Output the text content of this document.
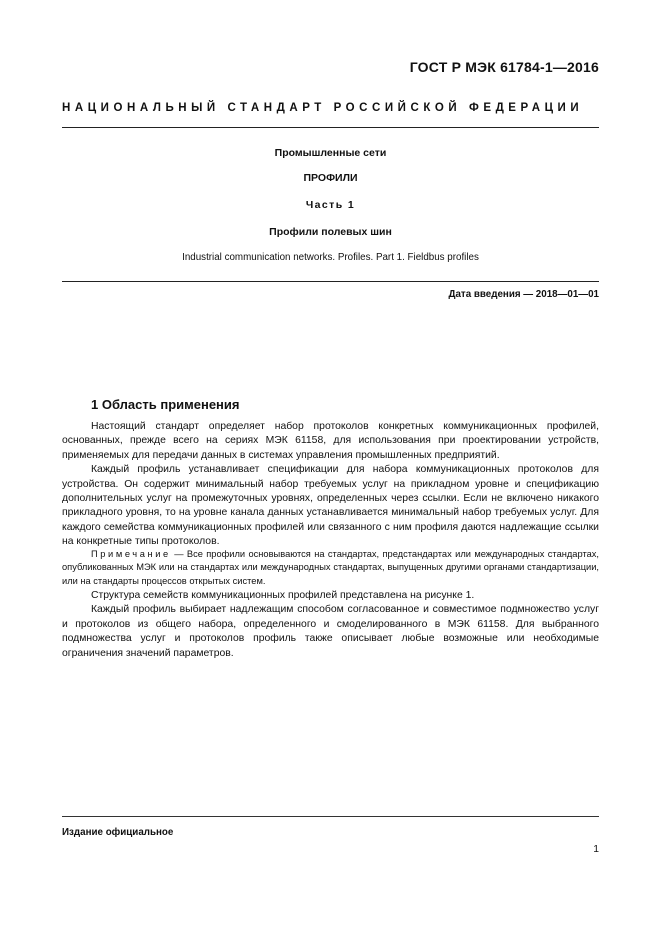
ГОСТ Р МЭК 61784-1—2016
НАЦИОНАЛЬНЫЙ СТАНДАРТ РОССИЙСКОЙ ФЕДЕРАЦИИ
Промышленные сети
ПРОФИЛИ
Часть 1
Профили полевых шин
Industrial communication networks. Profiles. Part 1. Fieldbus profiles
Дата введения — 2018—01—01
1 Область применения

Настоящий стандарт определяет набор протоколов конкретных коммуникационных профилей, основанных, прежде всего на сериях МЭК 61158, для использования при проектировании устройств, применяемых для передачи данных в системах управления промышленных предприятий.

Каждый профиль устанавливает спецификации для набора коммуникационных протоколов для устройства. Он содержит минимальный набор требуемых услуг на прикладном уровне и спецификацию дополнительных услуг на промежуточных уровнях, определенных через ссылки. Если не включено никакого прикладного уровня, то на уровне канала данных устанавливается минимальный набор требуемых услуг. Для каждого семейства коммуникационных профилей или связанного с ним профиля даются надлежащие ссылки на конкретные типы протоколов.

Примечание — Все профили основываются на стандартах, предстандартах или международных стандартах, опубликованных МЭК или на стандартах или международных стандартах, выпущенных другими органами стандартизации, или на стандарты процессов открытых систем.

Структура семейств коммуникационных профилей представлена на рисунке 1.

Каждый профиль выбирает надлежащим способом согласованное и совместимое подмножество услуг и протоколов из общего набора, определенного и смоделированного в МЭК 61158. Для выбранного подмножества услуг и протоколов профиль также описывает любые возможные или необходимые ограничения значений параметров.

Издание официальное
1
